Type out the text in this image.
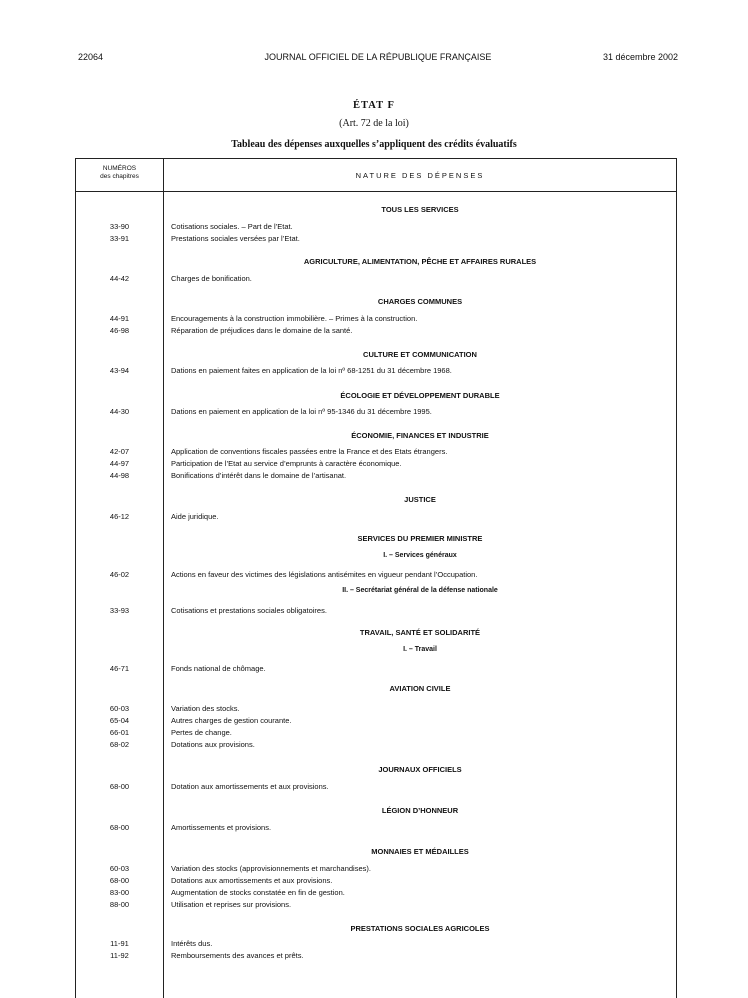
22064	JOURNAL OFFICIEL DE LA RÉPUBLIQUE FRANÇAISE	31 décembre 2002
ÉTAT F
(Art. 72 de la loi)
Tableau des dépenses auxquelles s’appliquent des crédits évaluatifs
NUMÉROS
des chapitres	NATURE DES DÉPENSES
TOUS LES SERVICES
33-90	Cotisations sociales. – Part de l’Etat.
33-91	Prestations sociales versées par l’Etat.
AGRICULTURE, ALIMENTATION, PÊCHE ET AFFAIRES RURALES
44-42	Charges de bonification.
CHARGES COMMUNES
44-91	Encouragements à la construction immobilière. – Primes à la construction.
46-98	Réparation de préjudices dans le domaine de la santé.
CULTURE ET COMMUNICATION
43-94	Dations en paiement faites en application de la loi nº 68-1251 du 31 décembre 1968.
ÉCOLOGIE ET DÉVELOPPEMENT DURABLE
44-30	Dations en paiement en application de la loi nº 95-1346 du 31 décembre 1995.
ÉCONOMIE, FINANCES ET INDUSTRIE
42-07	Application de conventions fiscales passées entre la France et des Etats étrangers.
44-97	Participation de l’Etat au service d’emprunts à caractère économique.
44-98	Bonifications d’intérêt dans le domaine de l’artisanat.
JUSTICE
46-12	Aide juridique.
SERVICES DU PREMIER MINISTRE
I. – Services généraux
46-02	Actions en faveur des victimes des législations antisémites en vigueur pendant l’Occupation.
II. – Secrétariat général de la défense nationale
33-93	Cotisations et prestations sociales obligatoires.
TRAVAIL, SANTÉ ET SOLIDARITÉ
I. – Travail
46-71	Fonds national de chômage.
AVIATION CIVILE
60-03	Variation des stocks.
65-04	Autres charges de gestion courante.
66-01	Pertes de change.
68-02	Dotations aux provisions.
JOURNAUX OFFICIELS
68-00	Dotation aux amortissements et aux provisions.
LÉGION D’HONNEUR
68-00	Amortissements et provisions.
MONNAIES ET MÉDAILLES
60-03	Variation des stocks (approvisionnements et marchandises).
68-00	Dotations aux amortissements et aux provisions.
83-00	Augmentation de stocks constatée en fin de gestion.
88-00	Utilisation et reprises sur provisions.
PRESTATIONS SOCIALES AGRICOLES
11-91	Intérêts dus.
11-92	Remboursements des avances et prêts.
